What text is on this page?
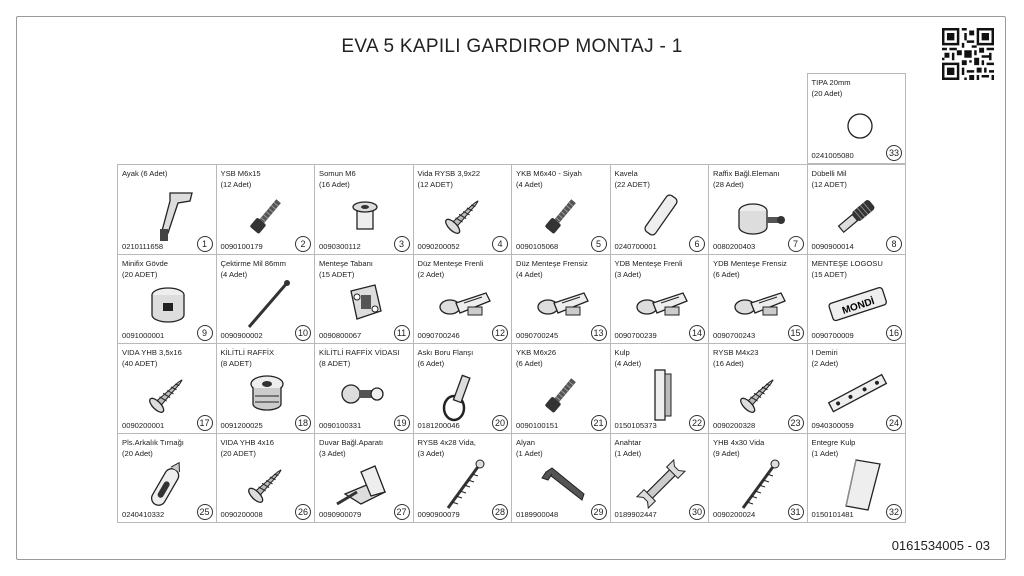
EVA 5 KAPILI GARDIROP MONTAJ - 1
Ayak (6 Adet)
0210111658	1
YSB M6x15
(12 Adet)
0090100179	2
Somun M6
(16 Adet)
0090300112	3
Vida RYSB 3,9x22
(12 ADET)
0090200052	4
YKB M6x40 - Siyah
(4 Adet)
0090105068	5
Kavela
(22 ADET)
0240700001	6
Raffix Bağl.Elemanı
(28 Adet)
0080200403	7
Dübelli Mil
(12 ADET)
0090900014	8
Minifix Gövde
(20 ADET)
0091000001	9
Çektirme Mil 86mm
(4 Adet)
0090900002	10
Menteşe Tabanı
(15 ADET)
0090800067	11
Düz Menteşe Frenli
(2 Adet)
0090700246	12
Düz Menteşe Frensiz
(4 Adet)
0090700245	13
YDB Menteşe Frenli
(3 Adet)
0090700239	14
YDB Menteşe Frensiz
(6 Adet)
0090700243	15
MENTEŞE LOGOSU
(15 ADET)
MONDİ
0090700009	16
VIDA YHB 3,5x16
(40 ADET)
0090200001	17
KİLİTLİ RAFFİX
(8 ADET)
0091200025	18
KİLİTLİ RAFFİX VİDASI
(8 ADET)
0090100331	19
Askı Boru Flanşı
(6 Adet)
0181200046	20
YKB M6x26
(6 Adet)
0090100151	21
Kulp
(4 Adet)
0150105373	22
RYSB M4x23
(16 Adet)
0090200328	23
I Demiri
(2 Adet)
0940300059	24
Pls.Arkalık Tırnağı
(20 Adet)
0240410332	25
VIDA YHB 4x16
(20 ADET)
0090200008	26
Duvar Bağl.Aparatı
(3 Adet)
0090900079	27
RYSB 4x28 Vida,
(3 Adet)
0090900079	28
Alyan
(1 Adet)
0189900048	29
Anahtar
(1 Adet)
0189902447	30
YHB 4x30 Vida
(9 Adet)
0090200024	31
Entegre Kulp
(1 Adet)
0150101481	32
TIPA 20mm
(20 Adet)
0241005080	33
0161534005 - 03
